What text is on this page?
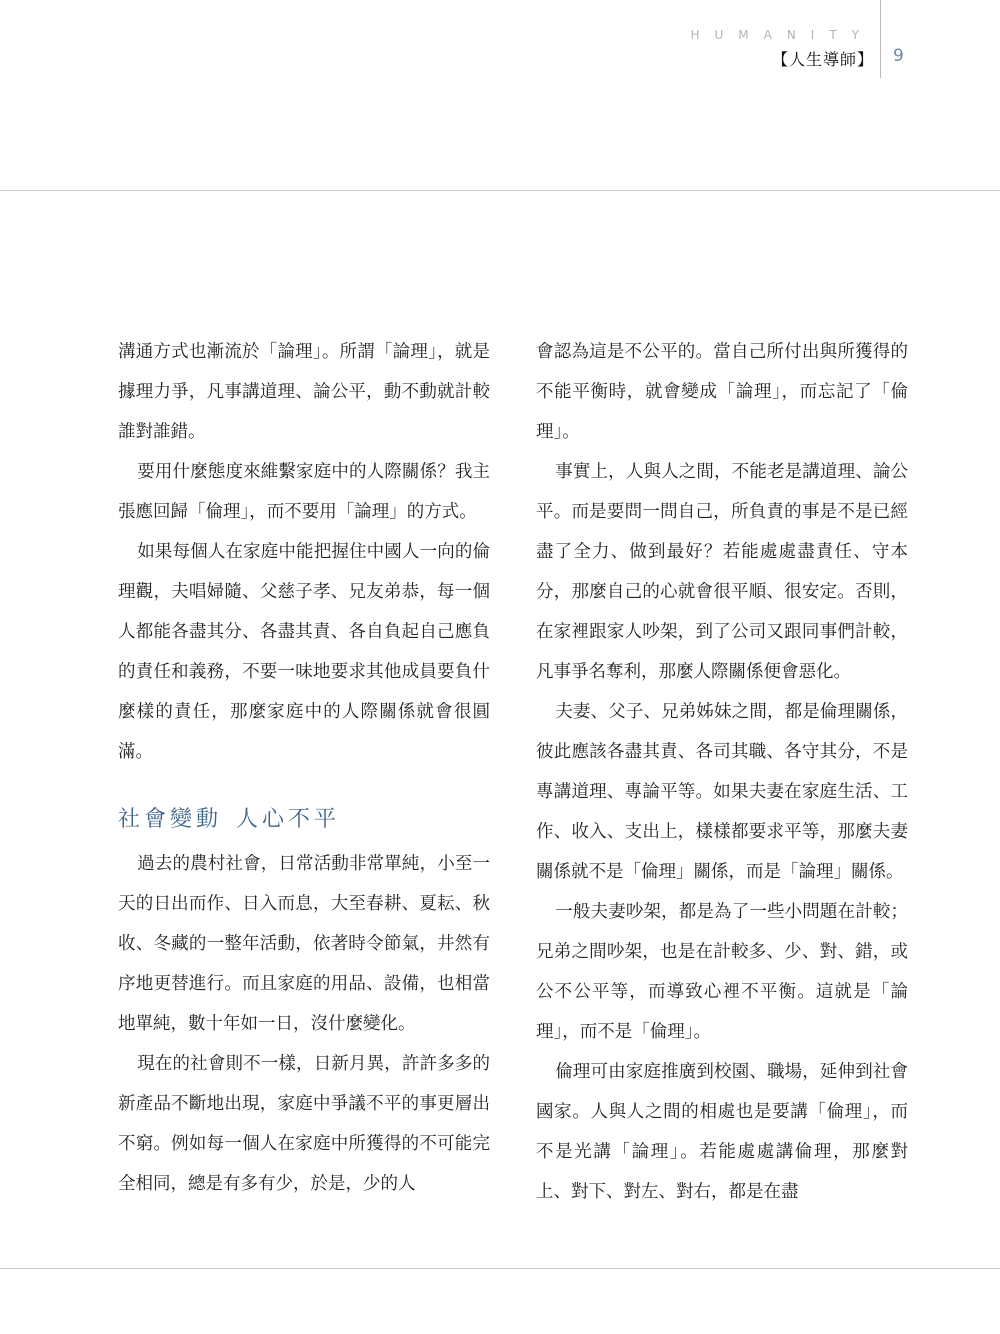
HUMANITY
【人生導師】 9

溝通方式也漸流於「論理」。所謂「論理」，就是據理力爭，凡事講道理、論公平，動不動就計較誰對誰錯。

要用什麼態度來維繫家庭中的人際關係？我主張應回歸「倫理」，而不要用「論理」的方式。

如果每個人在家庭中能把握住中國人一向的倫理觀，夫唱婦隨、父慈子孝、兄友弟恭，每一個人都能各盡其分、各盡其責、各自負起自己應負的責任和義務，不要一味地要求其他成員要負什麼樣的責任，那麼家庭中的人際關係就會很圓滿。

社會變動 人心不平

過去的農村社會，日常活動非常單純，小至一天的日出而作、日入而息，大至春耕、夏耘、秋收、冬藏的一整年活動，依著時令節氣，井然有序地更替進行。而且家庭的用品、設備，也相當地單純，數十年如一日，沒什麼變化。

現在的社會則不一樣，日新月異，許許多多的新產品不斷地出現，家庭中爭議不平的事更層出不窮。例如每一個人在家庭中所獲得的不可能完全相同，總是有多有少，於是，少的人

會認為這是不公平的。當自己所付出與所獲得的不能平衡時，就會變成「論理」，而忘記了「倫理」。

事實上，人與人之間，不能老是講道理、論公平。而是要問一問自己，所負責的事是不是已經盡了全力、做到最好？若能處處盡責任、守本分，那麼自己的心就會很平順、很安定。否則，在家裡跟家人吵架，到了公司又跟同事們計較，凡事爭名奪利，那麼人際關係便會惡化。

夫妻、父子、兄弟姊妹之間，都是倫理關係，彼此應該各盡其責、各司其職、各守其分，不是專講道理、專論平等。如果夫妻在家庭生活、工作、收入、支出上，樣樣都要求平等，那麼夫妻關係就不是「倫理」關係，而是「論理」關係。

一般夫妻吵架，都是為了一些小問題在計較；兄弟之間吵架，也是在計較多、少、對、錯，或公不公平等，而導致心裡不平衡。這就是「論理」，而不是「倫理」。

倫理可由家庭推廣到校園、職場，延伸到社會國家。人與人之間的相處也是要講「倫理」，而不是光講「論理」。若能處處講倫理，那麼對上、對下、對左、對右，都是在盡
